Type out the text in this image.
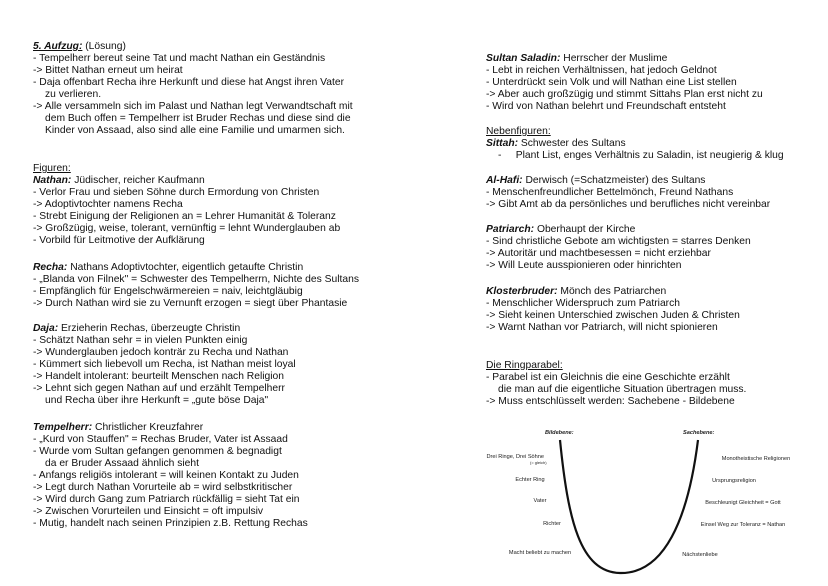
5. Aufzug: (Lösung)
- Tempelherr bereut seine Tat und macht Nathan ein Geständnis
-> Bittet Nathan erneut um heirat
- Daja offenbart Recha ihre Herkunft und diese hat Angst ihren Vater
zu verlieren.
-> Alle versammeln sich im Palast und Nathan legt Verwandtschaft mit
dem Buch offen = Tempelherr ist Bruder Rechas und diese sind die
Kinder von Assaad, also sind alle eine Familie und umarmen sich.
Figuren:
Nathan: Jüdischer, reicher Kaufmann
- Verlor Frau und sieben Söhne durch Ermordung von Christen
-> Adoptivtochter namens Recha
- Strebt Einigung der Religionen an = Lehrer Humanität & Toleranz
-> Großzügig, weise, tolerant, vernünftig = lehnt Wunderglauben ab
- Vorbild für Leitmotive der Aufklärung
Recha: Nathans Adoptivtochter, eigentlich getaufte Christin
- „Blanda von Filnek" = Schwester des Tempelherrn, Nichte des Sultans
- Empfänglich für Engelschwärmereien = naiv, leichtgläubig
-> Durch Nathan wird sie zu Vernunft erzogen = siegt über Phantasie
Daja: Erzieherin Rechas, überzeugte Christin
- Schätzt Nathan sehr = in vielen Punkten einig
-> Wunderglauben jedoch konträr zu Recha und Nathan
- Kümmert sich liebevoll um Recha, ist Nathan meist loyal
-> Handelt intolerant: beurteilt Menschen nach Religion
-> Lehnt sich gegen Nathan auf und erzählt Tempelherr
und Recha über ihre Herkunft = „gute böse Daja"
Tempelherr: Christlicher Kreuzfahrer
- „Kurd von Stauffen" = Rechas Bruder, Vater ist Assaad
- Wurde vom Sultan gefangen genommen & begnadigt
da er Bruder Assaad ähnlich sieht
- Anfangs religiös intolerant = will keinen Kontakt zu Juden
-> Legt durch Nathan Vorurteile ab = wird selbstkritischer
-> Wird durch Gang zum Patriarch rückfällig = sieht Tat ein
-> Zwischen Vorurteilen und Einsicht = oft impulsiv
- Mutig, handelt nach seinen Prinzipien z.B. Rettung Rechas
Sultan Saladin: Herrscher der Muslime
- Lebt in reichen Verhältnissen, hat jedoch Geldnot
- Unterdrückt sein Volk und will Nathan eine List stellen
-> Aber auch großzügig und stimmt Sittahs Plan erst nicht zu
- Wird von Nathan belehrt und Freundschaft entsteht
Nebenfiguren:
Sittah: Schwester des Sultans
-     Plant List, enges Verhältnis zu Saladin, ist neugierig & klug
Al-Hafi: Derwisch (=Schatzmeister) des Sultans
- Menschenfreundlicher Bettelmönch, Freund Nathans
-> Gibt Amt ab da persönliches und berufliches nicht vereinbar
Patriarch: Oberhaupt der Kirche
- Sind christliche Gebote am wichtigsten = starres Denken
-> Autoritär und machtbesessen = nicht erziehbar
-> Will Leute ausspionieren oder hinrichten
Klosterbruder: Mönch des Patriarchen
- Menschlicher Widerspruch zum Patriarch
-> Sieht keinen Unterschied zwischen Juden & Christen
-> Warnt Nathan vor Patriarch, will nicht spionieren
Die Ringparabel:
- Parabel ist ein Gleichnis die eine Geschichte erzählt
die man auf die eigentliche Situation übertragen muss.
-> Muss entschlüsselt werden: Sachebene - Bildebene
Bildebene:	Sachebene:
Drei Ringe, Drei Söhne
(= gleich)
Echter Ring
Vater
Richter
Macht beliebt zu machen
Monotheistische Religionen
Ursprungsreligion
Beschleunigt Gleichheit = Gott
Einsel Weg zur Toleranz = Nathan
Nächstenliebe
